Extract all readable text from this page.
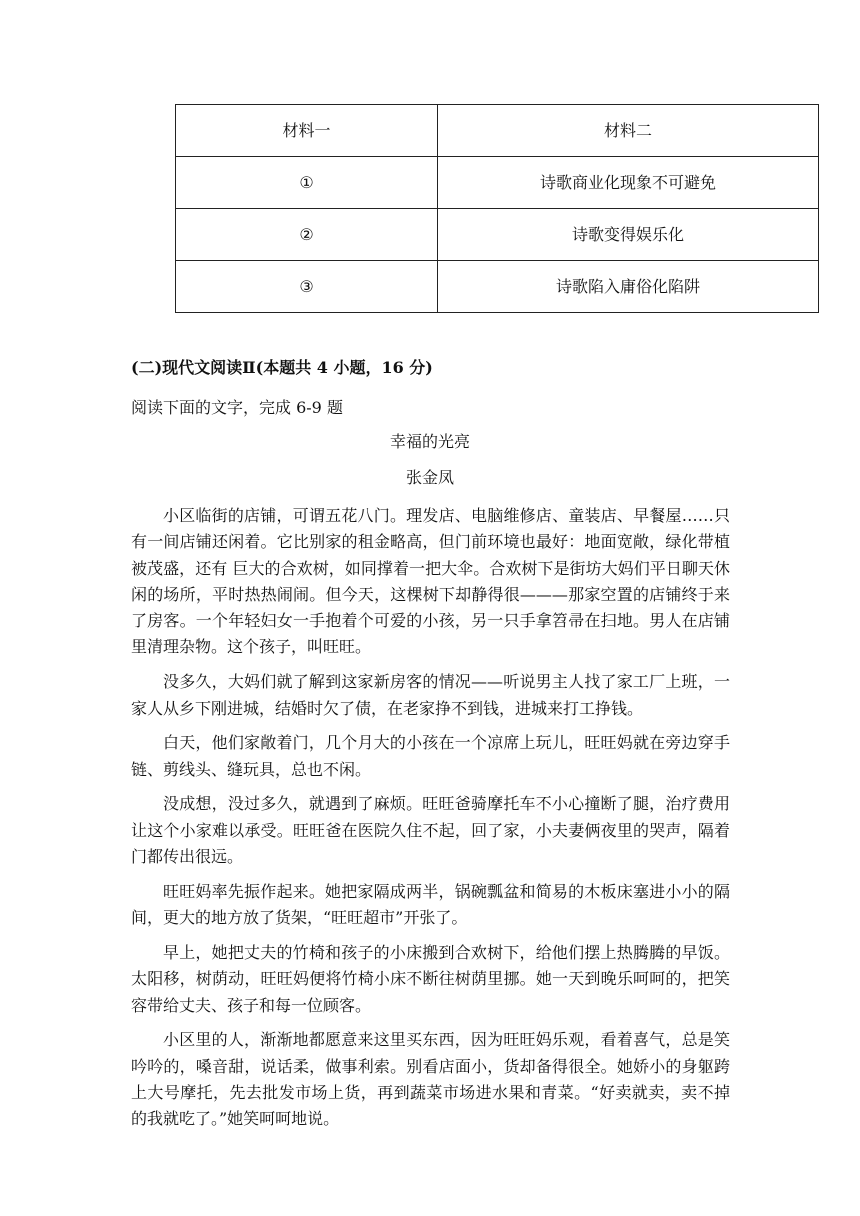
材料一	材料二
①	诗歌商业化现象不可避免
②	诗歌变得娱乐化
③	诗歌陷入庸俗化陷阱
(二)现代文阅读Ⅱ(本题共 4 小题，16 分)
阅读下面的文字，完成 6-9 题
幸福的光亮
张金凤

小区临街的店铺，可谓五花八门。理发店、电脑维修店、童装店、早餐屋……只有一间店铺还闲着。它比别家的租金略高，但门前环境也最好：地面宽敞，绿化带植被茂盛，还有 巨大的合欢树，如同撑着一把大伞。合欢树下是街坊大妈们平日聊天休闲的场所，平时热热闹闹。但今天，这棵树下却静得很———那家空置的店铺终于来了房客。一个年轻妇女一手抱着个可爱的小孩，另一只手拿笤帚在扫地。男人在店铺里清理杂物。这个孩子，叫旺旺。

没多久，大妈们就了解到这家新房客的情况——听说男主人找了家工厂上班，一家人从乡下刚进城，结婚时欠了债，在老家挣不到钱，进城来打工挣钱。

白天，他们家敞着门，几个月大的小孩在一个凉席上玩儿，旺旺妈就在旁边穿手链、剪线头、缝玩具，总也不闲。

没成想，没过多久，就遇到了麻烦。旺旺爸骑摩托车不小心撞断了腿，治疗费用让这个小家难以承受。旺旺爸在医院久住不起，回了家，小夫妻俩夜里的哭声，隔着门都传出很远。

旺旺妈率先振作起来。她把家隔成两半，锅碗瓢盆和简易的木板床塞进小小的隔间，更大的地方放了货架，“旺旺超市”开张了。

早上，她把丈夫的竹椅和孩子的小床搬到合欢树下，给他们摆上热腾腾的早饭。太阳移，树荫动，旺旺妈便将竹椅小床不断往树荫里挪。她一天到晚乐呵呵的，把笑容带给丈夫、孩子和每一位顾客。

小区里的人，渐渐地都愿意来这里买东西，因为旺旺妈乐观，看着喜气，总是笑吟吟的，嗓音甜，说话柔，做事利索。别看店面小，货却备得很全。她娇小的身躯跨上大号摩托，先去批发市场上货，再到蔬菜市场进水果和青菜。“好卖就卖，卖不掉的我就吃了。”她笑呵呵地说。
